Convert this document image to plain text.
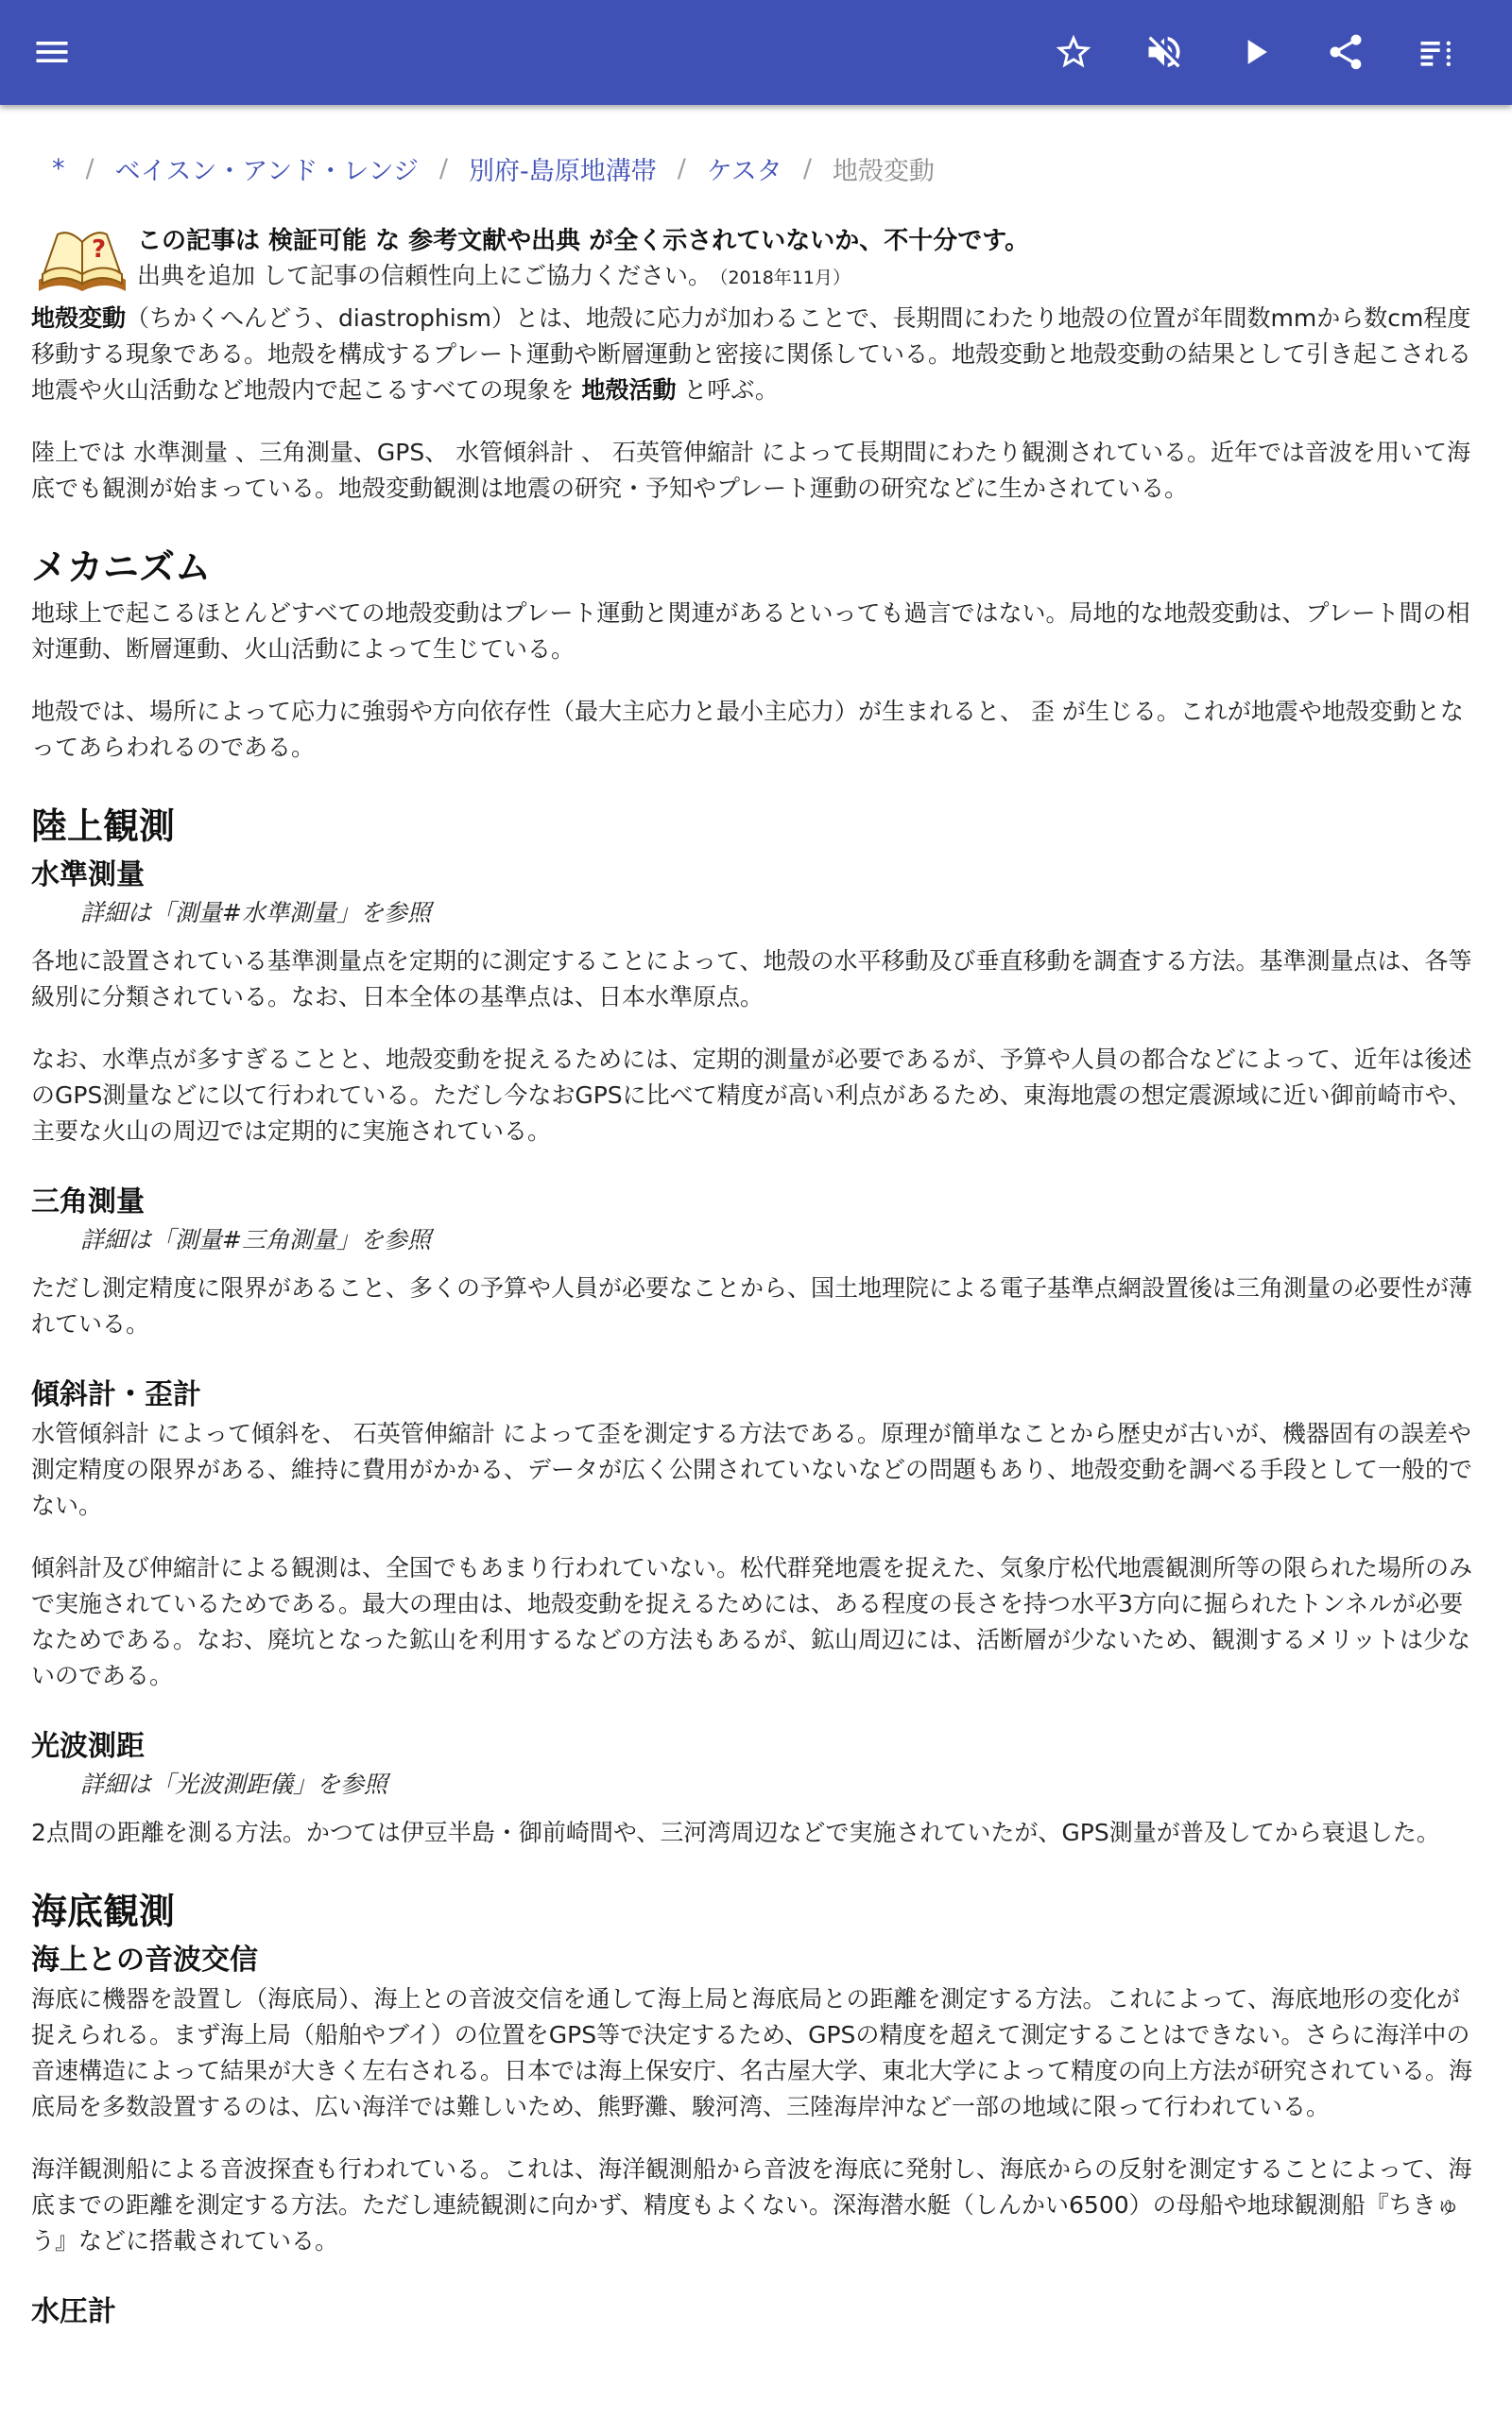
* / ベイスン・アンド・レンジ / 別府-島原地溝帯 / ケスタ / 地殻変動
? この記事は 検証可能 な 参考文献や出典 が全く示されていないか、不十分です。
出典を追加 して記事の信頼性向上にご協力ください。 （2018年11月）

地殻変動（ちかくへんどう、diastrophism）とは、地殻に応力が加わることで、長期間にわたり地殻の位置が年間数mmから数cm程度移動する現象である。地殻を構成するプレート運動や断層運動と密接に関係している。地殻変動と地殻変動の結果として引き起こされる地震や火山活動など地殻内で起こるすべての現象を 地殻活動 と呼ぶ。

陸上では 水準測量 、三角測量、GPS、 水管傾斜計 、 石英管伸縮計 によって長期間にわたり観測されている。近年では音波を用いて海底でも観測が始まっている。地殻変動観測は地震の研究・予知やプレート運動の研究などに生かされている。

メカニズム

地球上で起こるほとんどすべての地殻変動はプレート運動と関連があるといっても過言ではない。局地的な地殻変動は、プレート間の相対運動、断層運動、火山活動によって生じている。

地殻では、場所によって応力に強弱や方向依存性（最大主応力と最小主応力）が生まれると、 歪 が生じる。これが地震や地殻変動となってあらわれるのである。

陸上観測
水準測量
詳細は「測量#水準測量」を参照

各地に設置されている基準測量点を定期的に測定することによって、地殻の水平移動及び垂直移動を調査する方法。基準測量点は、各等級別に分類されている。なお、日本全体の基準点は、日本水準原点。

なお、水準点が多すぎることと、地殻変動を捉えるためには、定期的測量が必要であるが、予算や人員の都合などによって、近年は後述のGPS測量などに以て行われている。ただし今なおGPSに比べて精度が高い利点があるため、東海地震の想定震源域に近い御前崎市や、主要な火山の周辺では定期的に実施されている。

三角測量
詳細は「測量#三角測量」を参照

ただし測定精度に限界があること、多くの予算や人員が必要なことから、国土地理院による電子基準点網設置後は三角測量の必要性が薄れている。

傾斜計・歪計

水管傾斜計 によって傾斜を、 石英管伸縮計 によって歪を測定する方法である。原理が簡単なことから歴史が古いが、機器固有の誤差や測定精度の限界がある、維持に費用がかかる、データが広く公開されていないなどの問題もあり、地殻変動を調べる手段として一般的でない。

傾斜計及び伸縮計による観測は、全国でもあまり行われていない。松代群発地震を捉えた、気象庁松代地震観測所等の限られた場所のみで実施されているためである。最大の理由は、地殻変動を捉えるためには、ある程度の長さを持つ水平3方向に掘られたトンネルが必要なためである。なお、廃坑となった鉱山を利用するなどの方法もあるが、鉱山周辺には、活断層が少ないため、観測するメリットは少ないのである。

光波測距
詳細は「光波測距儀」を参照

2点間の距離を測る方法。かつては伊豆半島・御前崎間や、三河湾周辺などで実施されていたが、GPS測量が普及してから衰退した。

海底観測
海上との音波交信

海底に機器を設置し（海底局）、海上との音波交信を通して海上局と海底局との距離を測定する方法。これによって、海底地形の変化が捉えられる。まず海上局（船舶やブイ）の位置をGPS等で決定するため、GPSの精度を超えて測定することはできない。さらに海洋中の音速構造によって結果が大きく左右される。日本では海上保安庁、名古屋大学、東北大学によって精度の向上方法が研究されている。海底局を多数設置するのは、広い海洋では難しいため、熊野灘、駿河湾、三陸海岸沖など一部の地域に限って行われている。

海洋観測船による音波探査も行われている。これは、海洋観測船から音波を海底に発射し、海底からの反射を測定することによって、海底までの距離を測定する方法。ただし連続観測に向かず、精度もよくない。深海潜水艇（しんかい6500）の母船や地球観測船『ちきゅう』などに搭載されている。

水圧計
